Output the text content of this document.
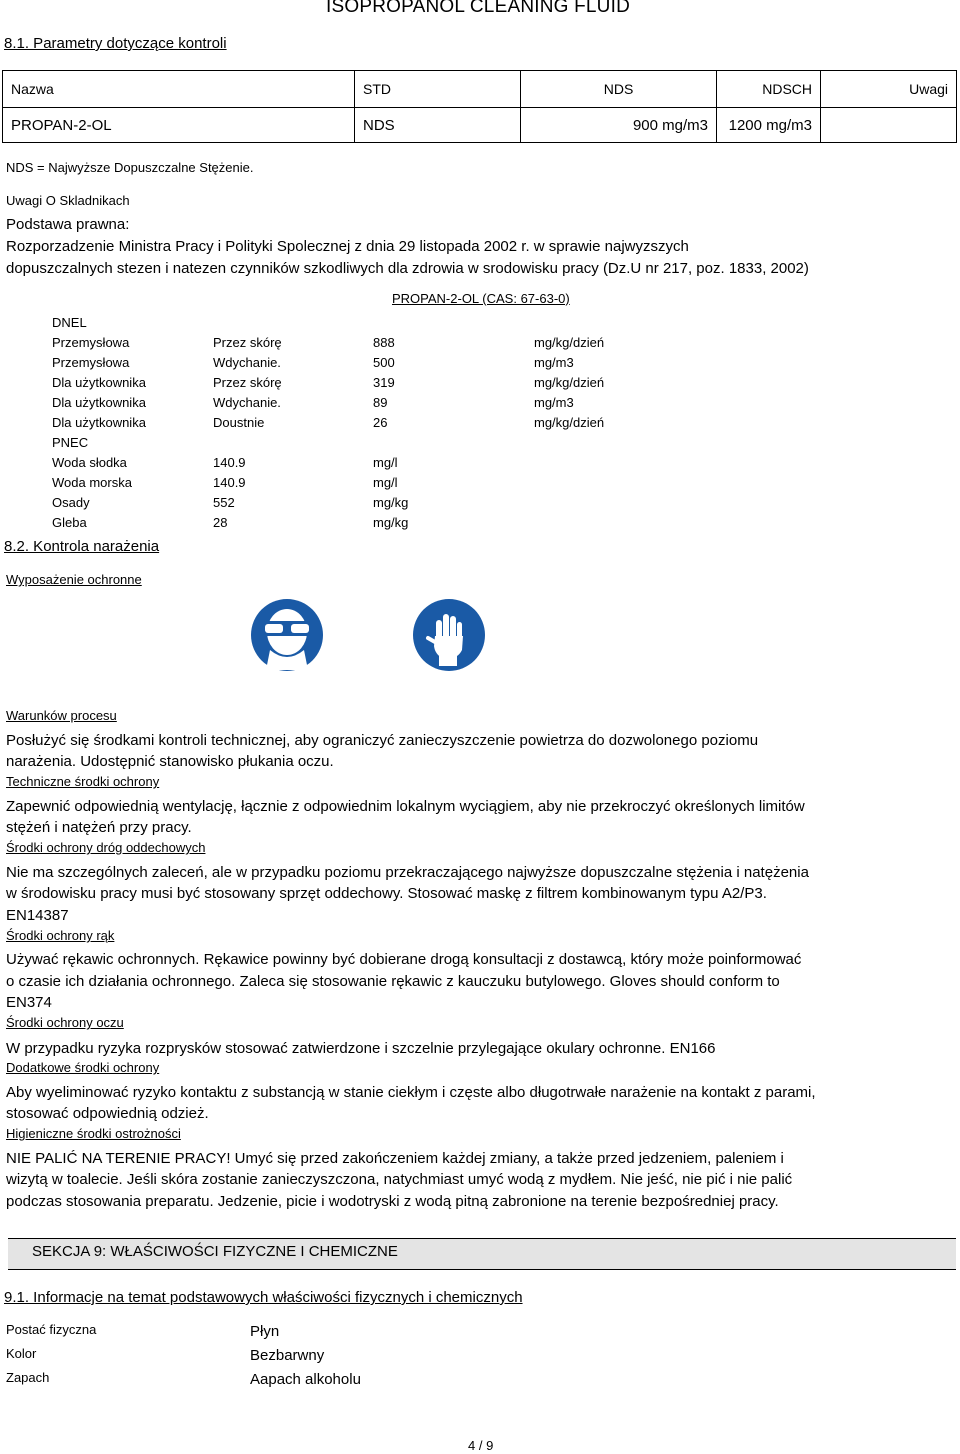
ISOPROPANOL CLEANING FLUID
8.1. Parametry dotyczące kontroli
Nazwa	STD	NDS	NDSCH	Uwagi
PROPAN-2-OL	NDS	900 mg/m3	1200 mg/m3	
NDS = Najwyższe Dopuszczalne Stężenie.
Uwagi O Skladnikach
Podstawa prawna:
Rozporzadzenie Ministra Pracy i Polityki Spolecznej z dnia 29 listopada 2002 r. w sprawie najwyzszych
dopuszczalnych stezen i natezen czynników szkodliwych dla zdrowia w srodowisku pracy (Dz.U nr 217, poz. 1833, 2002)
PROPAN-2-OL (CAS: 67-63-0)
DNEL			
Przemysłowa	Przez skórę	888	mg/kg/dzień
Przemysłowa	Wdychanie.	500	mg/m3
Dla użytkownika	Przez skórę	319	mg/kg/dzień
Dla użytkownika	Wdychanie.	89	mg/m3
Dla użytkownika	Doustnie	26	mg/kg/dzień
PNEC			
Woda słodka	140.9	mg/l	
Woda morska	140.9	mg/l	
Osady	552	mg/kg	
Gleba	28	mg/kg	
8.2. Kontrola narażenia
Wyposażenie ochronne
Warunków procesu
Posłużyć się środkami kontroli technicznej, aby ograniczyć zanieczyszczenie powietrza do dozwolonego poziomu
narażenia. Udostępnić stanowisko płukania oczu.
Techniczne środki ochrony
Zapewnić odpowiednią wentylację, łącznie z odpowiednim lokalnym wyciągiem, aby nie przekroczyć określonych limitów
stężeń i natężeń przy pracy.
Środki ochrony dróg oddechowych
Nie ma szczególnych zaleceń, ale w przypadku poziomu przekraczającego najwyższe dopuszczalne stężenia i natężenia
w środowisku pracy musi być stosowany sprzęt oddechowy. Stosować maskę z filtrem kombinowanym typu A2/P3.
EN14387
Środki ochrony rąk
Używać rękawic ochronnych. Rękawice powinny być dobierane drogą konsultacji z dostawcą, który może poinformować
o czasie ich działania ochronnego. Zaleca się stosowanie rękawic z kauczuku butylowego. Gloves should conform to
EN374
Środki ochrony oczu
W przypadku ryzyka rozprysków stosować zatwierdzone i szczelnie przylegające okulary ochronne. EN166
Dodatkowe środki ochrony
Aby wyeliminować ryzyko kontaktu z substancją w stanie ciekłym i częste albo długotrwałe narażenie na kontakt z parami,
stosować odpowiednią odzież.
Higieniczne środki ostrożności
NIE PALIĆ NA TERENIE PRACY! Umyć się przed zakończeniem każdej zmiany, a także przed jedzeniem, paleniem i
wizytą w toalecie. Jeśli skóra zostanie zanieczyszczona, natychmiast umyć wodą z mydłem. Nie jeść, nie pić i nie palić
podczas stosowania preparatu. Jedzenie, picie i wodotryski z wodą pitną zabronione na terenie bezpośredniej pracy.
SEKCJA 9: WŁAŚCIWOŚCI FIZYCZNE I CHEMICZNE
9.1. Informacje na temat podstawowych właściwości fizycznych i chemicznych
Postać fizyczna	Płyn
Kolor	Bezbarwny
Zapach	Aapach alkoholu
4 / 9
